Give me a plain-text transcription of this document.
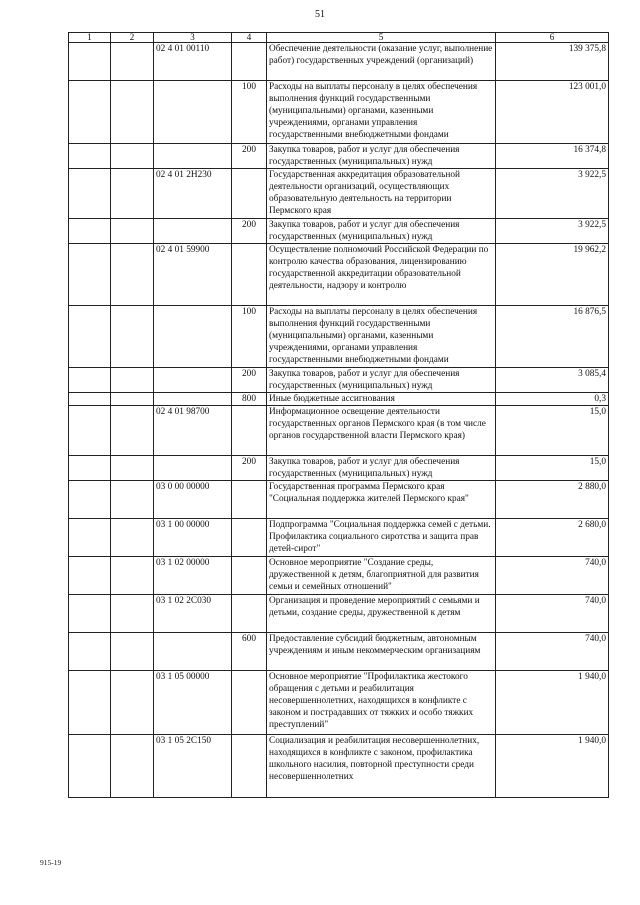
51
1	2	3	4	5	6
		02 4 01 00110		Обеспечение деятельности (оказание услуг, выполнение работ) государственных учреждений (организаций)	139 375,8
			100	Расходы на выплаты персоналу в целях обеспечения выполнения функций государственными (муниципальными) органами, казенными учреждениями, органами управления государственными внебюджетными фондами	123 001,0
			200	Закупка товаров, работ и услуг для обеспечения государственных (муниципальных) нужд	16 374,8
		02 4 01 2Н230		Государственная аккредитация образовательной деятельности организаций, осуществляющих образовательную деятельность на территории Пермского края	3 922,5
			200	Закупка товаров, работ и услуг для обеспечения государственных (муниципальных) нужд	3 922,5
		02 4 01 59900		Осуществление полномочий Российской Федерации по контролю качества образования, лицензированию государственной аккредитации образовательной деятельности, надзору и контролю	19 962,2
			100	Расходы на выплаты персоналу в целях обеспечения выполнения функций государственными (муниципальными) органами, казенными учреждениями, органами управления государственными внебюджетными фондами	16 876,5
			200	Закупка товаров, работ и услуг для обеспечения государственных (муниципальных) нужд	3 085,4
			800	Иные бюджетные ассигнования	0,3
		02 4 01 98700		Информационное освещение деятельности государственных органов Пермского края (в том числе органов государственной власти Пермского края)	15,0
			200	Закупка товаров, работ и услуг для обеспечения государственных (муниципальных) нужд	15,0
		03 0 00 00000		Государственная программа Пермского края "Социальная поддержка жителей Пермского края"	2 880,0
		03 1 00 00000		Подпрограмма "Социальная поддержка семей с детьми. Профилактика социального сиротства и защита прав детей-сирот"	2 680,0
		03 1 02 00000		Основное мероприятие "Создание среды, дружественной к детям, благоприятной для развития семьи и семейных отношений"	740,0
		03 1 02 2С030		Организация и проведение мероприятий с семьями и детьми, создание среды, дружественной к детям	740,0
			600	Предоставление субсидий бюджетным, автономным учреждениям и иным некоммерческим организациям	740,0
		03 1 05 00000		Основное мероприятие "Профилактика жестокого обращения с детьми и реабилитация несовершеннолетних, находящихся в конфликте с законом и пострадавших от тяжких и особо тяжких преступлений"	1 940,0
		03 1 05 2С150		Социализация и реабилитация несовершеннолетних, находящихся в конфликте с законом, профилактика школьного насилия, повторной преступности среди несовершеннолетних	1 940,0
915-19
